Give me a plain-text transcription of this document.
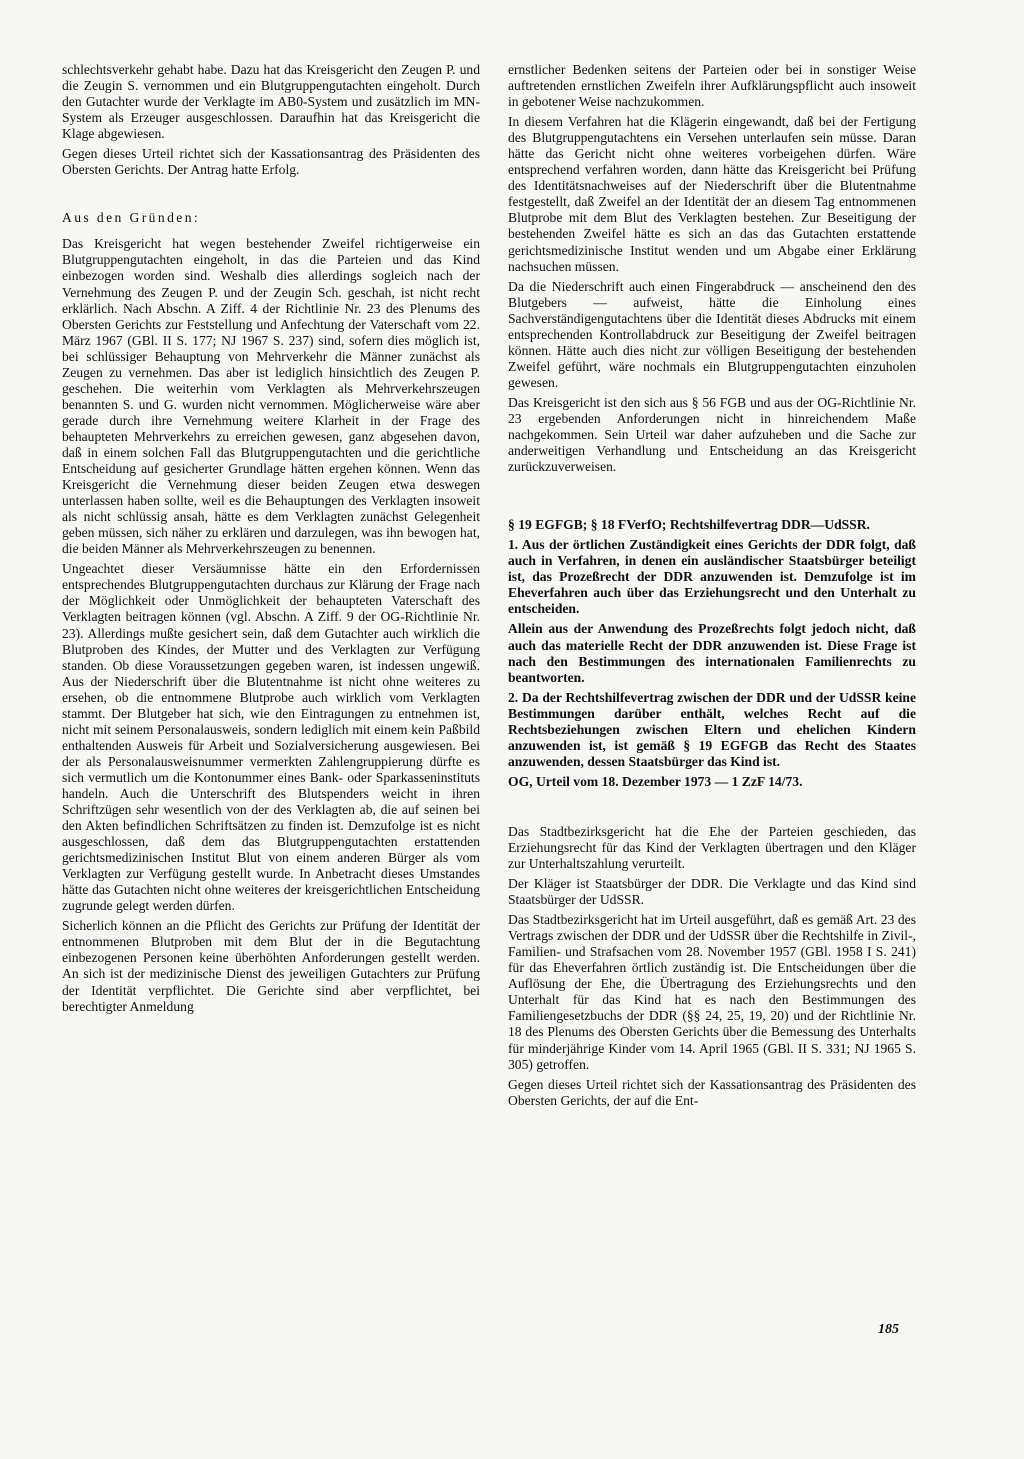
schlechtsverkehr gehabt habe. Dazu hat das Kreisgericht den Zeugen P. und die Zeugin S. vernommen und ein Blutgruppengutachten eingeholt. Durch den Gutachter wurde der Verklagte im AB0-System und zusätzlich im MN-System als Erzeuger ausgeschlossen. Daraufhin hat das Kreisgericht die Klage abgewiesen.

Gegen dieses Urteil richtet sich der Kassationsantrag des Präsidenten des Obersten Gerichts. Der Antrag hatte Erfolg.

Aus den Gründen:

Das Kreisgericht hat wegen bestehender Zweifel richtigerweise ein Blutgruppengutachten eingeholt, in das die Parteien und das Kind einbezogen worden sind. Weshalb dies allerdings sogleich nach der Vernehmung des Zeugen P. und der Zeugin Sch. geschah, ist nicht recht erklärlich. Nach Abschn. A Ziff. 4 der Richtlinie Nr. 23 des Plenums des Obersten Gerichts zur Feststellung und Anfechtung der Vaterschaft vom 22. März 1967 (GBl. II S. 177; NJ 1967 S. 237) sind, sofern dies möglich ist, bei schlüssiger Behauptung von Mehrverkehr die Männer zunächst als Zeugen zu vernehmen. Das aber ist lediglich hinsichtlich des Zeugen P. geschehen. Die weiterhin vom Verklagten als Mehrverkehrszeugen benannten S. und G. wurden nicht vernommen. Möglicherweise wäre aber gerade durch ihre Vernehmung weitere Klarheit in der Frage des behaupteten Mehrverkehrs zu erreichen gewesen, ganz abgesehen davon, daß in einem solchen Fall das Blutgruppengutachten und die gerichtliche Entscheidung auf gesicherter Grundlage hätten ergehen können. Wenn das Kreisgericht die Vernehmung dieser beiden Zeugen etwa deswegen unterlassen haben sollte, weil es die Behauptungen des Verklagten insoweit als nicht schlüssig ansah, hätte es dem Verklagten zunächst Gelegenheit geben müssen, sich näher zu erklären und darzulegen, was ihn bewogen hat, die beiden Männer als Mehrverkehrszeugen zu benennen.

Ungeachtet dieser Versäumnisse hätte ein den Erfordernissen entsprechendes Blutgruppengutachten durchaus zur Klärung der Frage nach der Möglichkeit oder Unmöglichkeit der behaupteten Vaterschaft des Verklagten beitragen können (vgl. Abschn. A Ziff. 9 der OG-Richtlinie Nr. 23). Allerdings mußte gesichert sein, daß dem Gutachter auch wirklich die Blutproben des Kindes, der Mutter und des Verklagten zur Verfügung standen. Ob diese Voraussetzungen gegeben waren, ist indessen ungewiß. Aus der Niederschrift über die Blutentnahme ist nicht ohne weiteres zu ersehen, ob die entnommene Blutprobe auch wirklich vom Verklagten stammt. Der Blutgeber hat sich, wie den Eintragungen zu entnehmen ist, nicht mit seinem Personalausweis, sondern lediglich mit einem kein Paßbild enthaltenden Ausweis für Arbeit und Sozialversicherung ausgewiesen. Bei der als Personalausweisnummer vermerkten Zahlengruppierung dürfte es sich vermutlich um die Kontonummer eines Bank- oder Sparkasseninstituts handeln. Auch die Unterschrift des Blutspenders weicht in ihren Schriftzügen sehr wesentlich von der des Verklagten ab, die auf seinen bei den Akten befindlichen Schriftsätzen zu finden ist. Demzufolge ist es nicht ausgeschlossen, daß dem das Blutgruppengutachten erstattenden gerichtsmedizinischen Institut Blut von einem anderen Bürger als vom Verklagten zur Verfügung gestellt wurde. In Anbetracht dieses Umstandes hätte das Gutachten nicht ohne weiteres der kreisgerichtlichen Entscheidung zugrunde gelegt werden dürfen.

Sicherlich können an die Pflicht des Gerichts zur Prüfung der Identität der entnommenen Blutproben mit dem Blut der in die Begutachtung einbezogenen Personen keine überhöhten Anforderungen gestellt werden. An sich ist der medizinische Dienst des jeweiligen Gutachters zur Prüfung der Identität verpflichtet. Die Gerichte sind aber verpflichtet, bei berechtigter Anmeldung

ernstlicher Bedenken seitens der Parteien oder bei in sonstiger Weise auftretenden ernstlichen Zweifeln ihrer Aufklärungspflicht auch insoweit in gebotener Weise nachzukommen.

In diesem Verfahren hat die Klägerin eingewandt, daß bei der Fertigung des Blutgruppengutachtens ein Versehen unterlaufen sein müsse. Daran hätte das Gericht nicht ohne weiteres vorbeigehen dürfen. Wäre entsprechend verfahren worden, dann hätte das Kreisgericht bei Prüfung des Identitätsnachweises auf der Niederschrift über die Blutentnahme festgestellt, daß Zweifel an der Identität der an diesem Tag entnommenen Blutprobe mit dem Blut des Verklagten bestehen. Zur Beseitigung der bestehenden Zweifel hätte es sich an das das Gutachten erstattende gerichtsmedizinische Institut wenden und um Abgabe einer Erklärung nachsuchen müssen.

Da die Niederschrift auch einen Fingerabdruck — anscheinend den des Blutgebers — aufweist, hätte die Einholung eines Sachverständigengutachtens über die Identität dieses Abdrucks mit einem entsprechenden Kontrollabdruck zur Beseitigung der Zweifel beitragen können. Hätte auch dies nicht zur völligen Beseitigung der bestehenden Zweifel geführt, wäre nochmals ein Blutgruppengutachten einzuholen gewesen.

Das Kreisgericht ist den sich aus § 56 FGB und aus der OG-Richtlinie Nr. 23 ergebenden Anforderungen nicht in hinreichendem Maße nachgekommen. Sein Urteil war daher aufzuheben und die Sache zur anderweitigen Verhandlung und Entscheidung an das Kreisgericht zurückzuverweisen.

§ 19 EGFGB; § 18 FVerfO; Rechtshilfevertrag DDR—UdSSR.

1. Aus der örtlichen Zuständigkeit eines Gerichts der DDR folgt, daß auch in Verfahren, in denen ein ausländischer Staatsbürger beteiligt ist, das Prozeßrecht der DDR anzuwenden ist. Demzufolge ist im Eheverfahren auch über das Erziehungsrecht und den Unterhalt zu entscheiden.

Allein aus der Anwendung des Prozeßrechts folgt jedoch nicht, daß auch das materielle Recht der DDR anzuwenden ist. Diese Frage ist nach den Bestimmungen des internationalen Familienrechts zu beantworten.

2. Da der Rechtshilfevertrag zwischen der DDR und der UdSSR keine Bestimmungen darüber enthält, welches Recht auf die Rechtsbeziehungen zwischen Eltern und ehelichen Kindern anzuwenden ist, ist gemäß § 19 EGFGB das Recht des Staates anzuwenden, dessen Staatsbürger das Kind ist.

OG, Urteil vom 18. Dezember 1973 — 1 ZzF 14/73.

Das Stadtbezirksgericht hat die Ehe der Parteien geschieden, das Erziehungsrecht für das Kind der Verklagten übertragen und den Kläger zur Unterhaltszahlung verurteilt.

Der Kläger ist Staatsbürger der DDR. Die Verklagte und das Kind sind Staatsbürger der UdSSR.

Das Stadtbezirksgericht hat im Urteil ausgeführt, daß es gemäß Art. 23 des Vertrags zwischen der DDR und der UdSSR über die Rechtshilfe in Zivil-, Familien- und Strafsachen vom 28. November 1957 (GBl. 1958 I S. 241) für das Eheverfahren örtlich zuständig ist. Die Entscheidungen über die Auflösung der Ehe, die Übertragung des Erziehungsrechts und den Unterhalt für das Kind hat es nach den Bestimmungen des Familiengesetzbuchs der DDR (§§ 24, 25, 19, 20) und der Richtlinie Nr. 18 des Plenums des Obersten Gerichts über die Bemessung des Unterhalts für minderjährige Kinder vom 14. April 1965 (GBl. II S. 331; NJ 1965 S. 305) getroffen.

Gegen dieses Urteil richtet sich der Kassationsantrag des Präsidenten des Obersten Gerichts, der auf die Ent-

185
